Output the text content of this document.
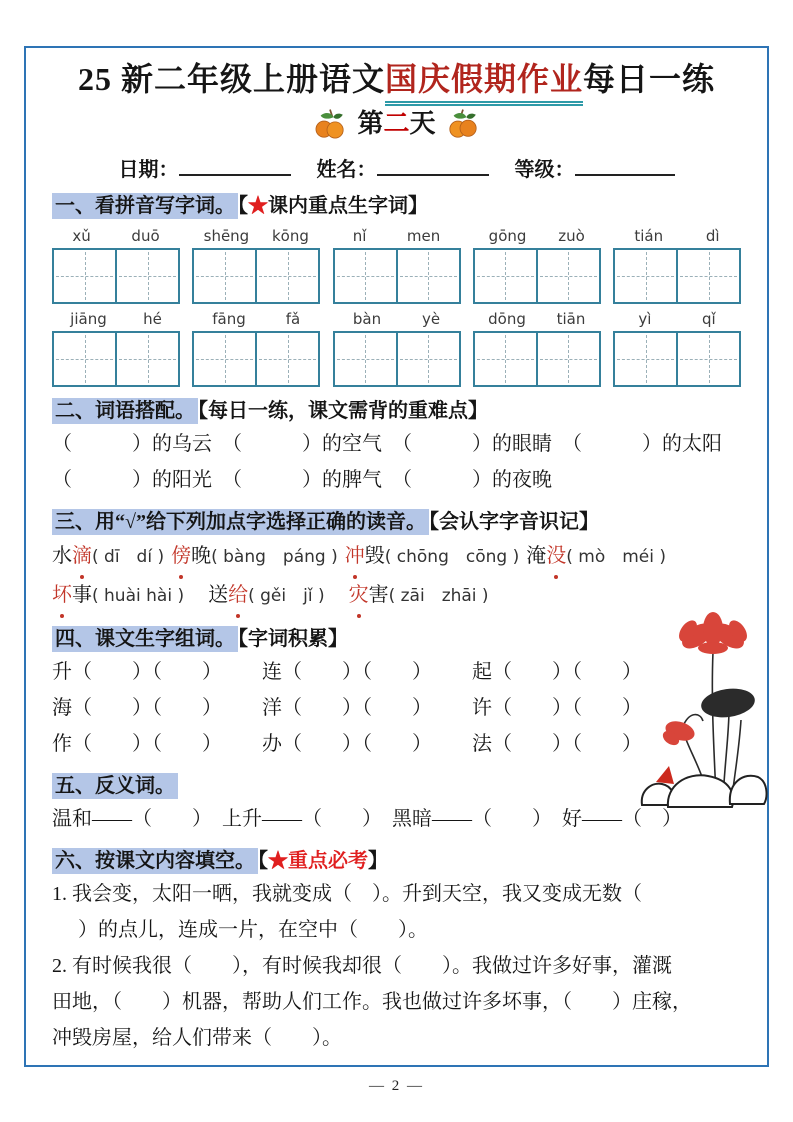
25 新二年级上册语文国庆假期作业每日一练
第二天
日期：	姓名：	等级：
一、看拼音写字词。 【★课内重点生字词】
xǔ	duō	shēng kōng	nǐ	men	gōng zuò	tián	dì
jiāng hé	fāng	fǎ	bàn	yè	dōng tiān	yì	qǐ
二、词语搭配。 【每日一练，课文需背的重难点】
（　　　）的乌云　（　　　）的空气　（　　　）的眼睛　（　　　）的太阳
（　　　）的阳光　（　　　）的脾气　（　　　）的夜晚
三、用“√”给下列加点字选择正确的读音。 【会认字字音识记】
水滴( dī　dí ) 傍晚( bàng　páng ) 冲毁( chōng　cōng ) 淹没( mò　méi )
坏事( huài hài ) 送给( gěi　jǐ ) 灾害( zāi　zhāi )
四、课文生字组词。 【字词积累】
升（　　）（　　） 连（　　）（　　） 起（　　）（　　）
海（　　）（　　） 洋（　　）（　　） 许（　　）（　　）
作（　　）（　　） 办（　　）（　　） 法（　　）（　　）
五、反义词。
温和——（　　）　上升——（　　）　黑暗——（　　）　好——（　）
六、按课文内容填空。 【★重点必考】
1. 我会变，太阳一晒，我就变成（　）。升到天空，我又变成无数（
）的点儿，连成一片，在空中（　　）。
2. 有时候我很（　　），有时候我却很（　　）。我做过许多好事，灌溉
田地，（　　）机器，帮助人们工作。我也做过许多坏事，（　　）庄稼，
冲毁房屋，给人们带来（　　）。
— 2 —
